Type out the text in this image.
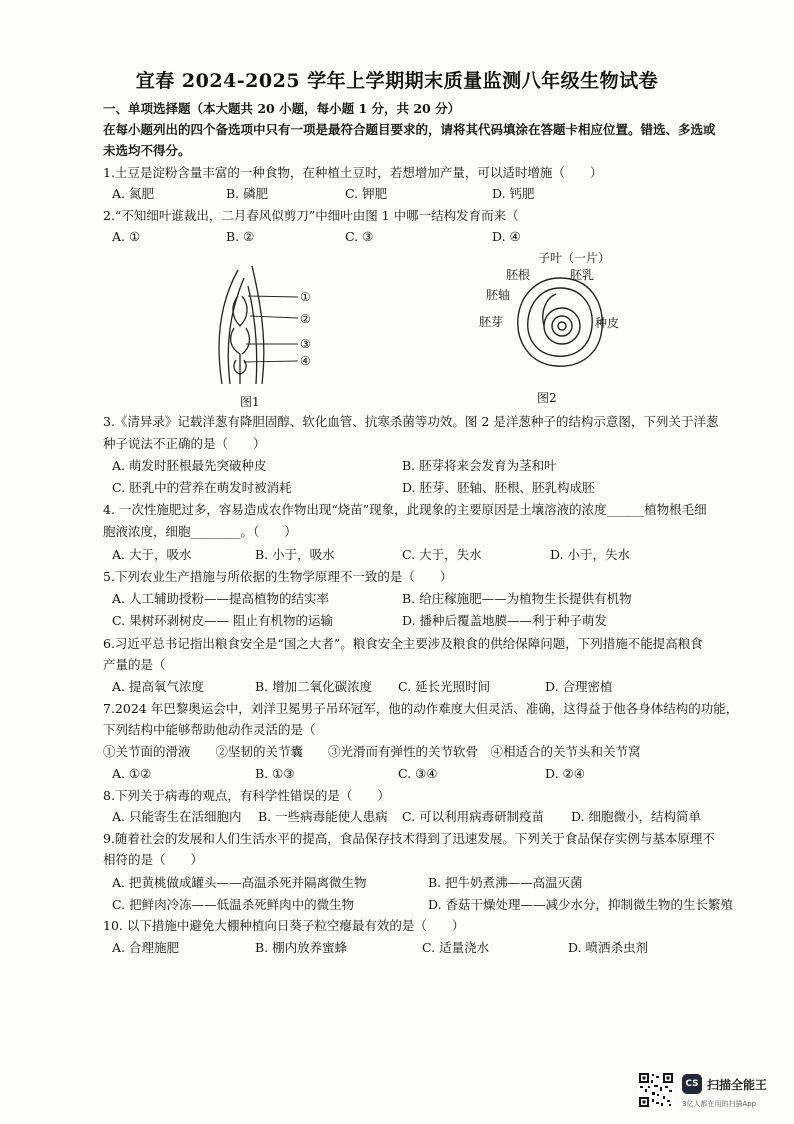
宜春 2024-2025 学年上学期期末质量监测八年级生物试卷
一、单项选择题（本大题共 20 小题，每小题 1 分，共 20 分）
在每小题列出的四个备选项中只有一项是最符合题目要求的，请将其代码填涂在答题卡相应位置。错选、多选或
未选均不得分。
1.土豆是淀粉含量丰富的一种食物，在种植土豆时，若想增加产量，可以适时增施（　　）
A. 氮肥	B. 磷肥	C. 钾肥	D. 钙肥
2.“不知细叶谁裁出，二月春风似剪刀”中细叶由图 1 中哪一结构发育而来（
A. ①	B. ②	C. ③	D. ④
①
②
③
④
图1
子叶（一片）
胚根	胚乳
胚轴
胚芽	种皮
图2
3.《清异录》记载洋葱有降胆固醇、软化血管、抗寒杀菌等功效。图 2 是洋葱种子的结构示意图，下列关于洋葱
种子说法不正确的是（　　）
A. 萌发时胚根最先突破种皮	B. 胚芽将来会发育为茎和叶
C. 胚乳中的营养在萌发时被消耗	D. 胚芽、胚轴、胚根、胚乳构成胚
4. 一次性施肥过多，容易造成农作物出现“烧苗”现象，此现象的主要原因是土壤溶液的浓度______植物根毛细
胞液浓度，细胞________。（　　）
A. 大于，吸水	B. 小于，吸水	C. 大于，失水	D. 小于，失水
5.下列农业生产措施与所依据的生物学原理不一致的是（　　）
A. 人工辅助授粉——提高植物的结实率	B. 给庄稼施肥——为植物生长提供有机物
C. 果树环剥树皮—— 阻止有机物的运输	D. 播种后覆盖地膜——利于种子萌发
6.习近平总书记指出粮食安全是“国之大者”。粮食安全主要涉及粮食的供给保障问题，下列措施不能提高粮食
产量的是（
A. 提高氧气浓度	B. 增加二氧化碳浓度 C. 延长光照时间	D. 合理密植
7.2024 年巴黎奥运会中，刘洋卫冕男子吊环冠军，他的动作难度大但灵活、准确，这得益于他各身体结构的功能，
下列结构中能够帮助他动作灵活的是（
①关节面的滑液　　②坚韧的关节囊　　③光滑而有弹性的关节软骨　④相适合的关节头和关节窝
A. ①②	B. ①③	C. ③④	D. ②④
8.下列关于病毒的观点，有科学性错误的是（　　）
A. 只能寄生在活细胞内 B. 一些病毒能使人患病 C. 可以利用病毒研制疫苗 D. 细胞微小，结构简单
9.随着社会的发展和人们生活水平的提高，食品保存技术得到了迅速发展。下列关于食品保存实例与基本原理不
相符的是（　　）
A. 把黄桃做成罐头——高温杀死并隔离微生物	B. 把牛奶煮沸——高温灭菌
C. 把鲜肉冷冻——低温杀死鲜肉中的微生物	D. 香菇干燥处理——减少水分，抑制微生物的生长繁殖
10. 以下措施中避免大棚种植向日葵子粒空瘪最有效的是（　　）
A. 合理施肥	B. 棚内放养蜜蜂	C. 适量浇水	D. 喷洒杀虫剂
CS 扫描全能王
3亿人都在用的扫描App
